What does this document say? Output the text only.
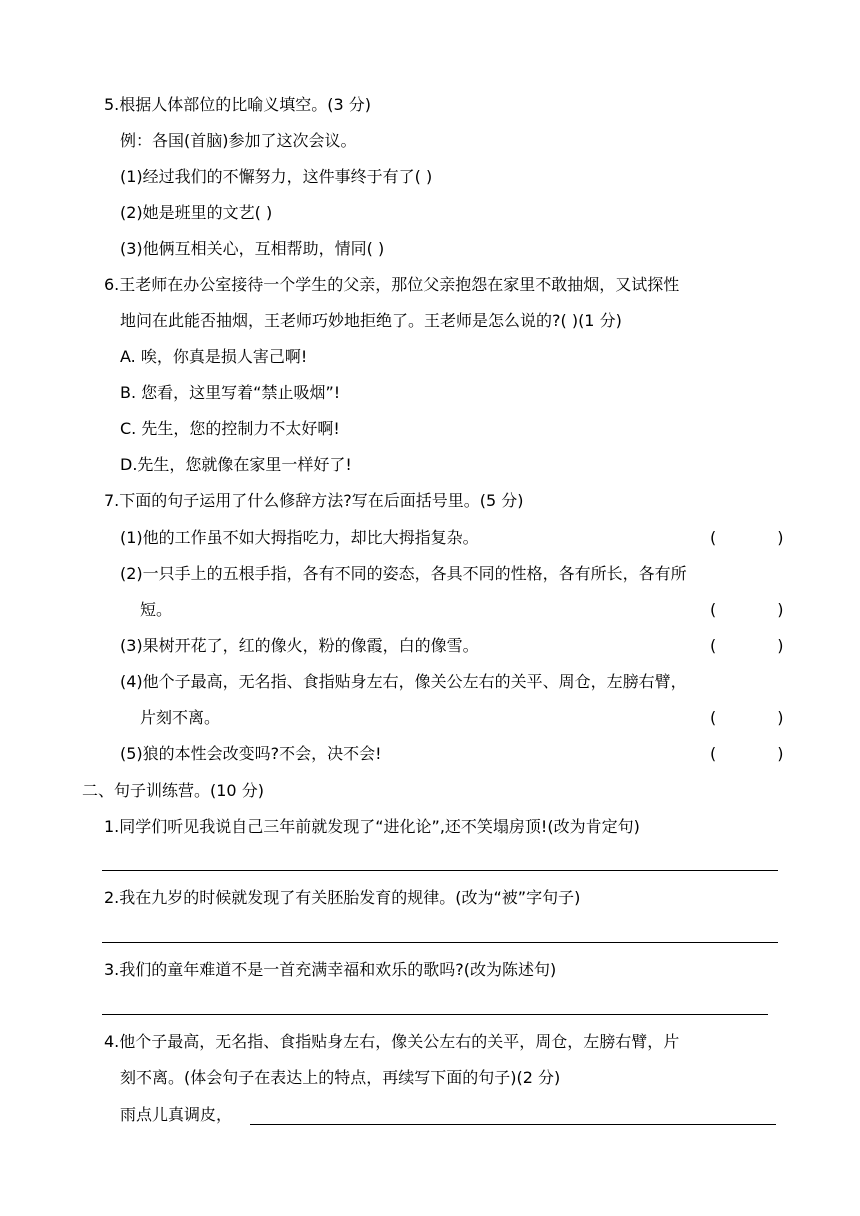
5.根据人体部位的比喻义填空。(3 分)
例：各国(首脑)参加了这次会议。
(1)经过我们的不懈努力，这件事终于有了( )
(2)她是班里的文艺( )
(3)他俩互相关心，互相帮助，情同( )
6.王老师在办公室接待一个学生的父亲，那位父亲抱怨在家里不敢抽烟，又试探性
地问在此能否抽烟，王老师巧妙地拒绝了。王老师是怎么说的?( )(1 分)
A. 唉，你真是损人害己啊!
B. 您看，这里写着“禁止吸烟”!
C. 先生，您的控制力不太好啊!
D.先生，您就像在家里一样好了!
7.下面的句子运用了什么修辞方法?写在后面括号里。(5 分)
(1)他的工作虽不如大拇指吃力，却比大拇指复杂。	(            )
(2)一只手上的五根手指，各有不同的姿态，各具不同的性格，各有所长，各有所
短。	(            )
(3)果树开花了，红的像火，粉的像霞，白的像雪。	(            )
(4)他个子最高，无名指、食指贴身左右，像关公左右的关平、周仓，左膀右臂，
片刻不离。	(            )
(5)狼的本性会改变吗?不会，决不会!	(            )
二、句子训练营。(10 分)
1.同学们听见我说自己三年前就发现了“进化论”,还不笑塌房顶!(改为肯定句)
2.我在九岁的时候就发现了有关胚胎发育的规律。(改为“被”字句子)
3.我们的童年难道不是一首充满幸福和欢乐的歌吗?(改为陈述句)
4.他个子最高，无名指、食指贴身左右，像关公左右的关平，周仓，左膀右臂，片
刻不离。(体会句子在表达上的特点，再续写下面的句子)(2 分)
雨点儿真调皮，
